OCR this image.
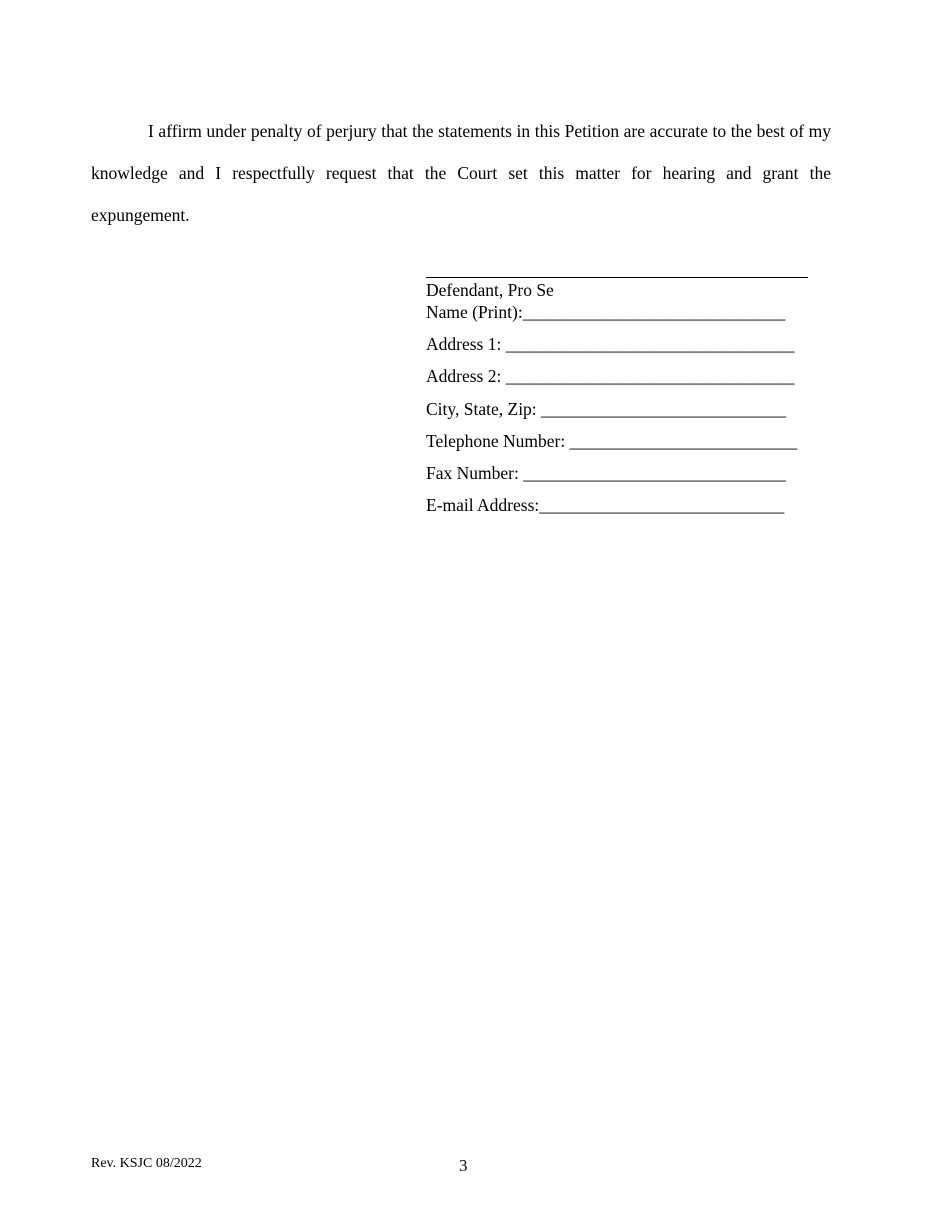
I affirm under penalty of perjury that the statements in this Petition are accurate to the best of my knowledge and I respectfully request that the Court set this matter for hearing and grant the expungement.

Defendant, Pro Se
Name (Print):______________________________
Address 1: _________________________________
Address 2: _________________________________
City, State, Zip: ____________________________
Telephone Number: __________________________
Fax Number: ______________________________
E-mail Address:____________________________
Rev. KSJC 08/2022	3
